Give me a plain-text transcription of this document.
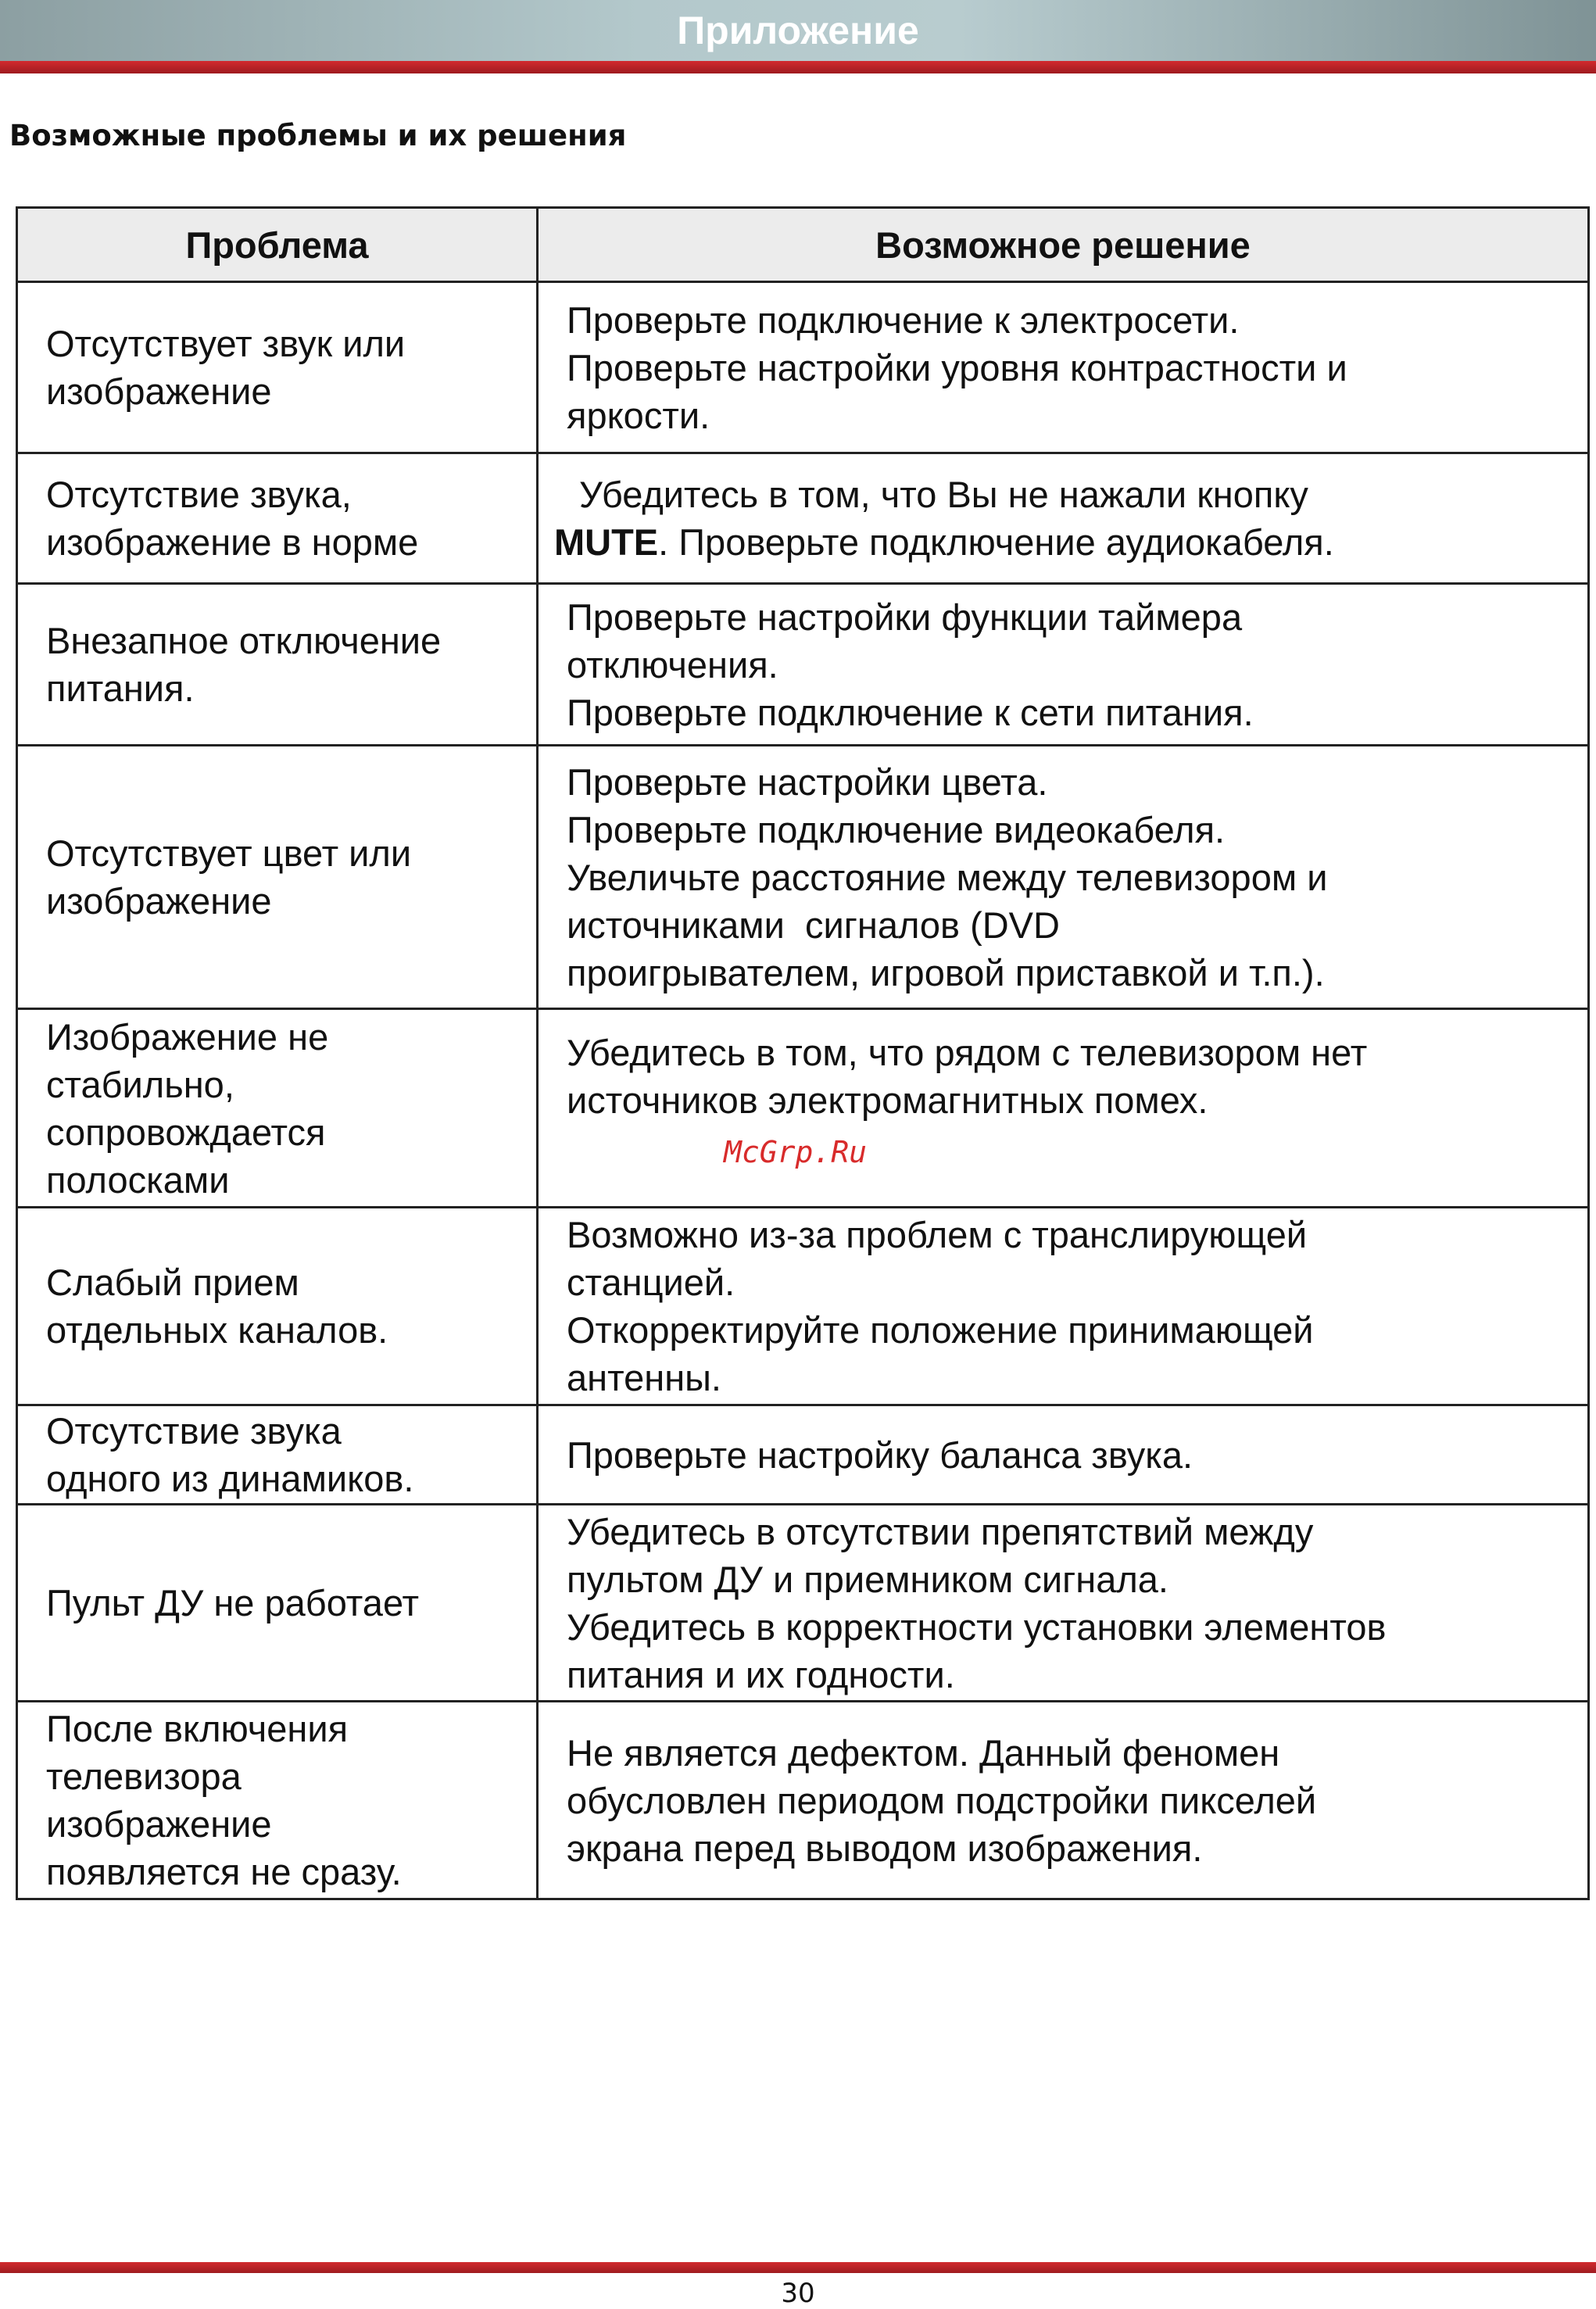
Приложение
Возможные проблемы и их решения
Проблема	Возможное решение

Отсутствует звук или
изображение	Проверьте подключение к электросети.
Проверьте настройки уровня контрастности и
яркости.

Отсутствие звука,
изображение в норме	Убедитесь в том, что Вы не нажали кнопку
MUTE. Проверьте подключение аудиокабеля.

Внезапное отключение
питания.	Проверьте настройки функции таймера
отключения.
Проверьте подключение к сети питания.

Отсутствует цвет или
изображение	Проверьте настройки цвета.
Проверьте подключение видеокабеля.
Увеличьте расстояние между телевизором и
источниками  сигналов (DVD
проигрывателем, игровой приставкой и т.п.).

Изображение не
стабильно,
сопровождается
полосками	Убедитесь в том, что рядом с телевизором нет
источников электромагнитных помех.

Слабый прием
отдельных каналов.	Возможно из-за проблем с транслирующей
станцией.
Откорректируйте положение принимающей
антенны.

Отсутствие звука
одного из динамиков.	Проверьте настройку баланса звука.

Пульт ДУ не работает	Убедитесь в отсутствии препятствий между
пультом ДУ и приемником сигнала.
Убедитесь в корректности установки элементов
питания и их годности.

После включения
телевизора
изображение
появляется не сразу.	Не является дефектом. Данный феномен
обусловлен периодом подстройки пикселей
экрана перед выводом изображения.
McGrp.Ru
30
